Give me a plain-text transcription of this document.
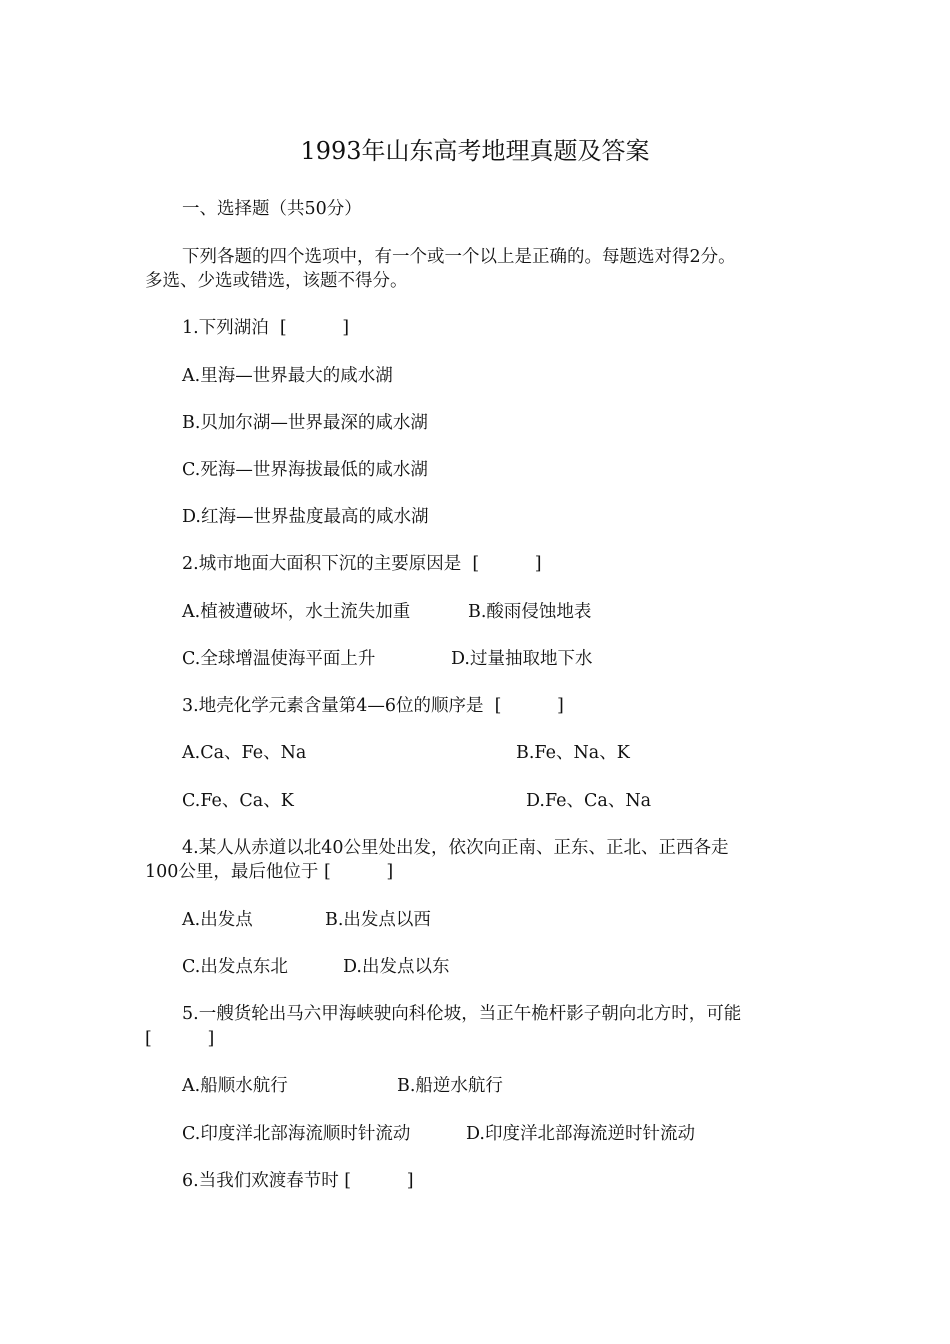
1993年山东高考地理真题及答案
一、选择题（共50分）
下列各题的四个选项中，有一个或一个以上是正确的。每题选对得2分。
多选、少选或错选，该题不得分。
1.下列湖泊  [          ]
A.里海—世界最大的咸水湖
B.贝加尔湖—世界最深的咸水湖
C.死海—世界海拔最低的咸水湖
D.红海—世界盐度最高的咸水湖
2.城市地面大面积下沉的主要原因是  [          ]
A.植被遭破坏，水土流失加重	B.酸雨侵蚀地表
C.全球增温使海平面上升	D.过量抽取地下水
3.地壳化学元素含量第4—6位的顺序是  [          ]
A.Ca、Fe、Na	B.Fe、Na、K
C.Fe、Ca、K	D.Fe、Ca、Na
4.某人从赤道以北40公里处出发，依次向正南、正东、正北、正西各走
100公里，最后他位于 [          ]
A.出发点	B.出发点以西
C.出发点东北	D.出发点以东
5.一艘货轮出马六甲海峡驶向科伦坡，当正午桅杆影子朝向北方时，可能
[          ]
A.船顺水航行	B.船逆水航行
C.印度洋北部海流顺时针流动	D.印度洋北部海流逆时针流动
6.当我们欢渡春节时 [          ]
